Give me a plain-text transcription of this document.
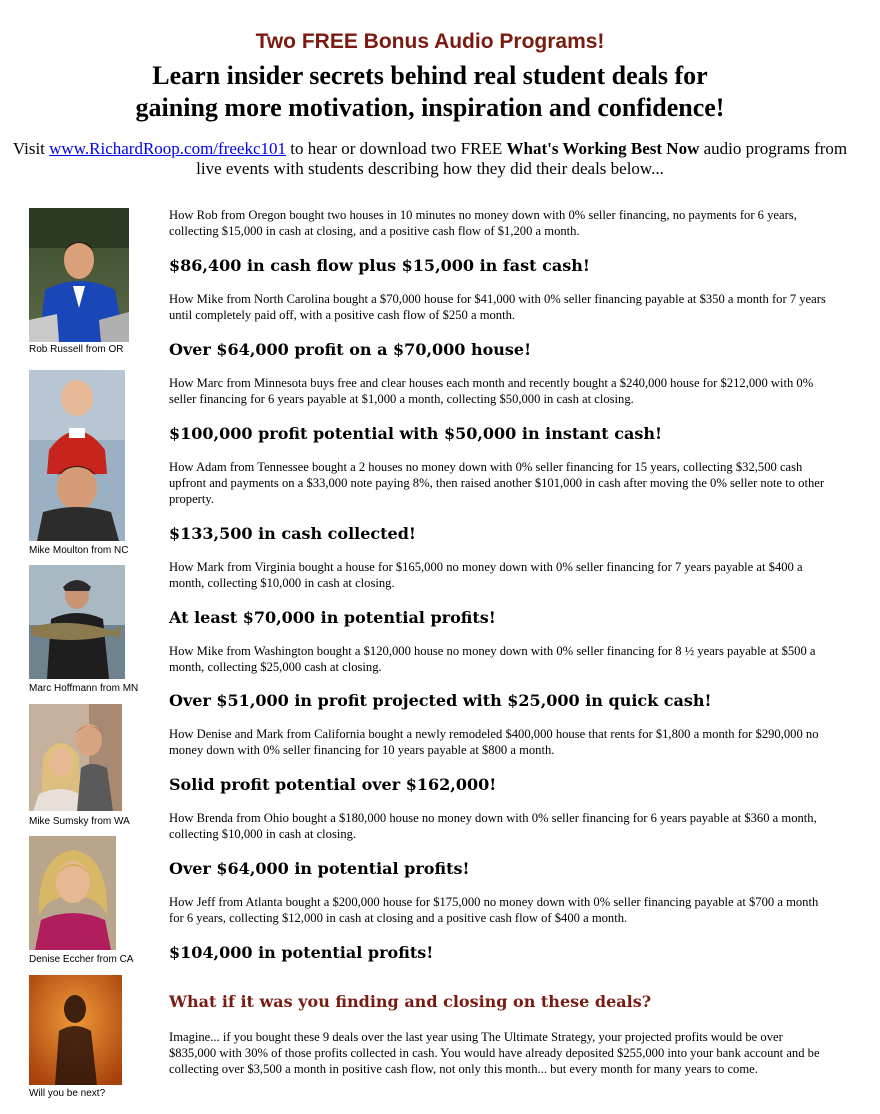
Two FREE Bonus Audio Programs!
Learn insider secrets behind real student deals for
gaining more motivation, inspiration and confidence!
Visit www.RichardRoop.com/freekc101 to hear or download two FREE What's Working Best Now audio programs from live events with students describing how they did their deals below...
Rob Russell from OR
Mike Moulton from NC
Marc Hoffmann from MN
Mike Sumsky from WA
Denise Eccher from CA
Will you be next?
How Rob from Oregon bought two houses in 10 minutes no money down with 0% seller financing, no payments for 6 years, collecting $15,000 in cash at closing, and a positive cash flow of $1,200 a month.
$86,400 in cash flow plus $15,000 in fast cash!
How Mike from North Carolina bought a $70,000 house for $41,000 with 0% seller financing payable at $350 a month for 7 years until completely paid off, with a positive cash flow of $250 a month.
Over $64,000 profit on a $70,000 house!
How Marc from Minnesota buys free and clear houses each month and recently bought a $240,000 house for $212,000 with 0% seller financing for 6 years payable at $1,000 a month, collecting $50,000 in cash at closing.
$100,000 profit potential with $50,000 in instant cash!
How Adam from Tennessee bought a 2 houses no money down with 0% seller financing for 15 years, collecting $32,500 cash upfront and payments on a $33,000 note paying 8%, then raised another $101,000 in cash after moving the 0% seller note to other property.
$133,500 in cash collected!
How Mark from Virginia bought a house for $165,000 no money down with 0% seller financing for 7 years payable at $400 a month, collecting $10,000 in cash at closing.
At least $70,000 in potential profits!
How Mike from Washington bought a $120,000 house no money down with 0% seller financing for 8 ½ years payable at $500 a month, collecting $25,000 cash at closing.
Over $51,000 in profit projected with $25,000 in quick cash!
How Denise and Mark from California bought a newly remodeled $400,000 house that rents for $1,800 a month for $290,000 no money down with 0% seller financing for 10 years payable at $800 a month.
Solid profit potential over $162,000!
How Brenda from Ohio bought a $180,000 house no money down with 0% seller financing for 6 years payable at $360 a month, collecting $10,000 in cash at closing.
Over $64,000 in potential profits!
How Jeff from Atlanta bought a $200,000 house for $175,000 no money down with 0% seller financing payable at $700 a month for 6 years, collecting $12,000 in cash at closing and a positive cash flow of $400 a month.
$104,000 in potential profits!
What if it was you finding and closing on these deals?
Imagine... if you bought these 9 deals over the last year using The Ultimate Strategy, your projected profits would be over $835,000 with 30% of those profits collected in cash. You would have already deposited $255,000 into your bank account and be collecting over $3,500 a month in positive cash flow, not only this month... but every month for many years to come.
